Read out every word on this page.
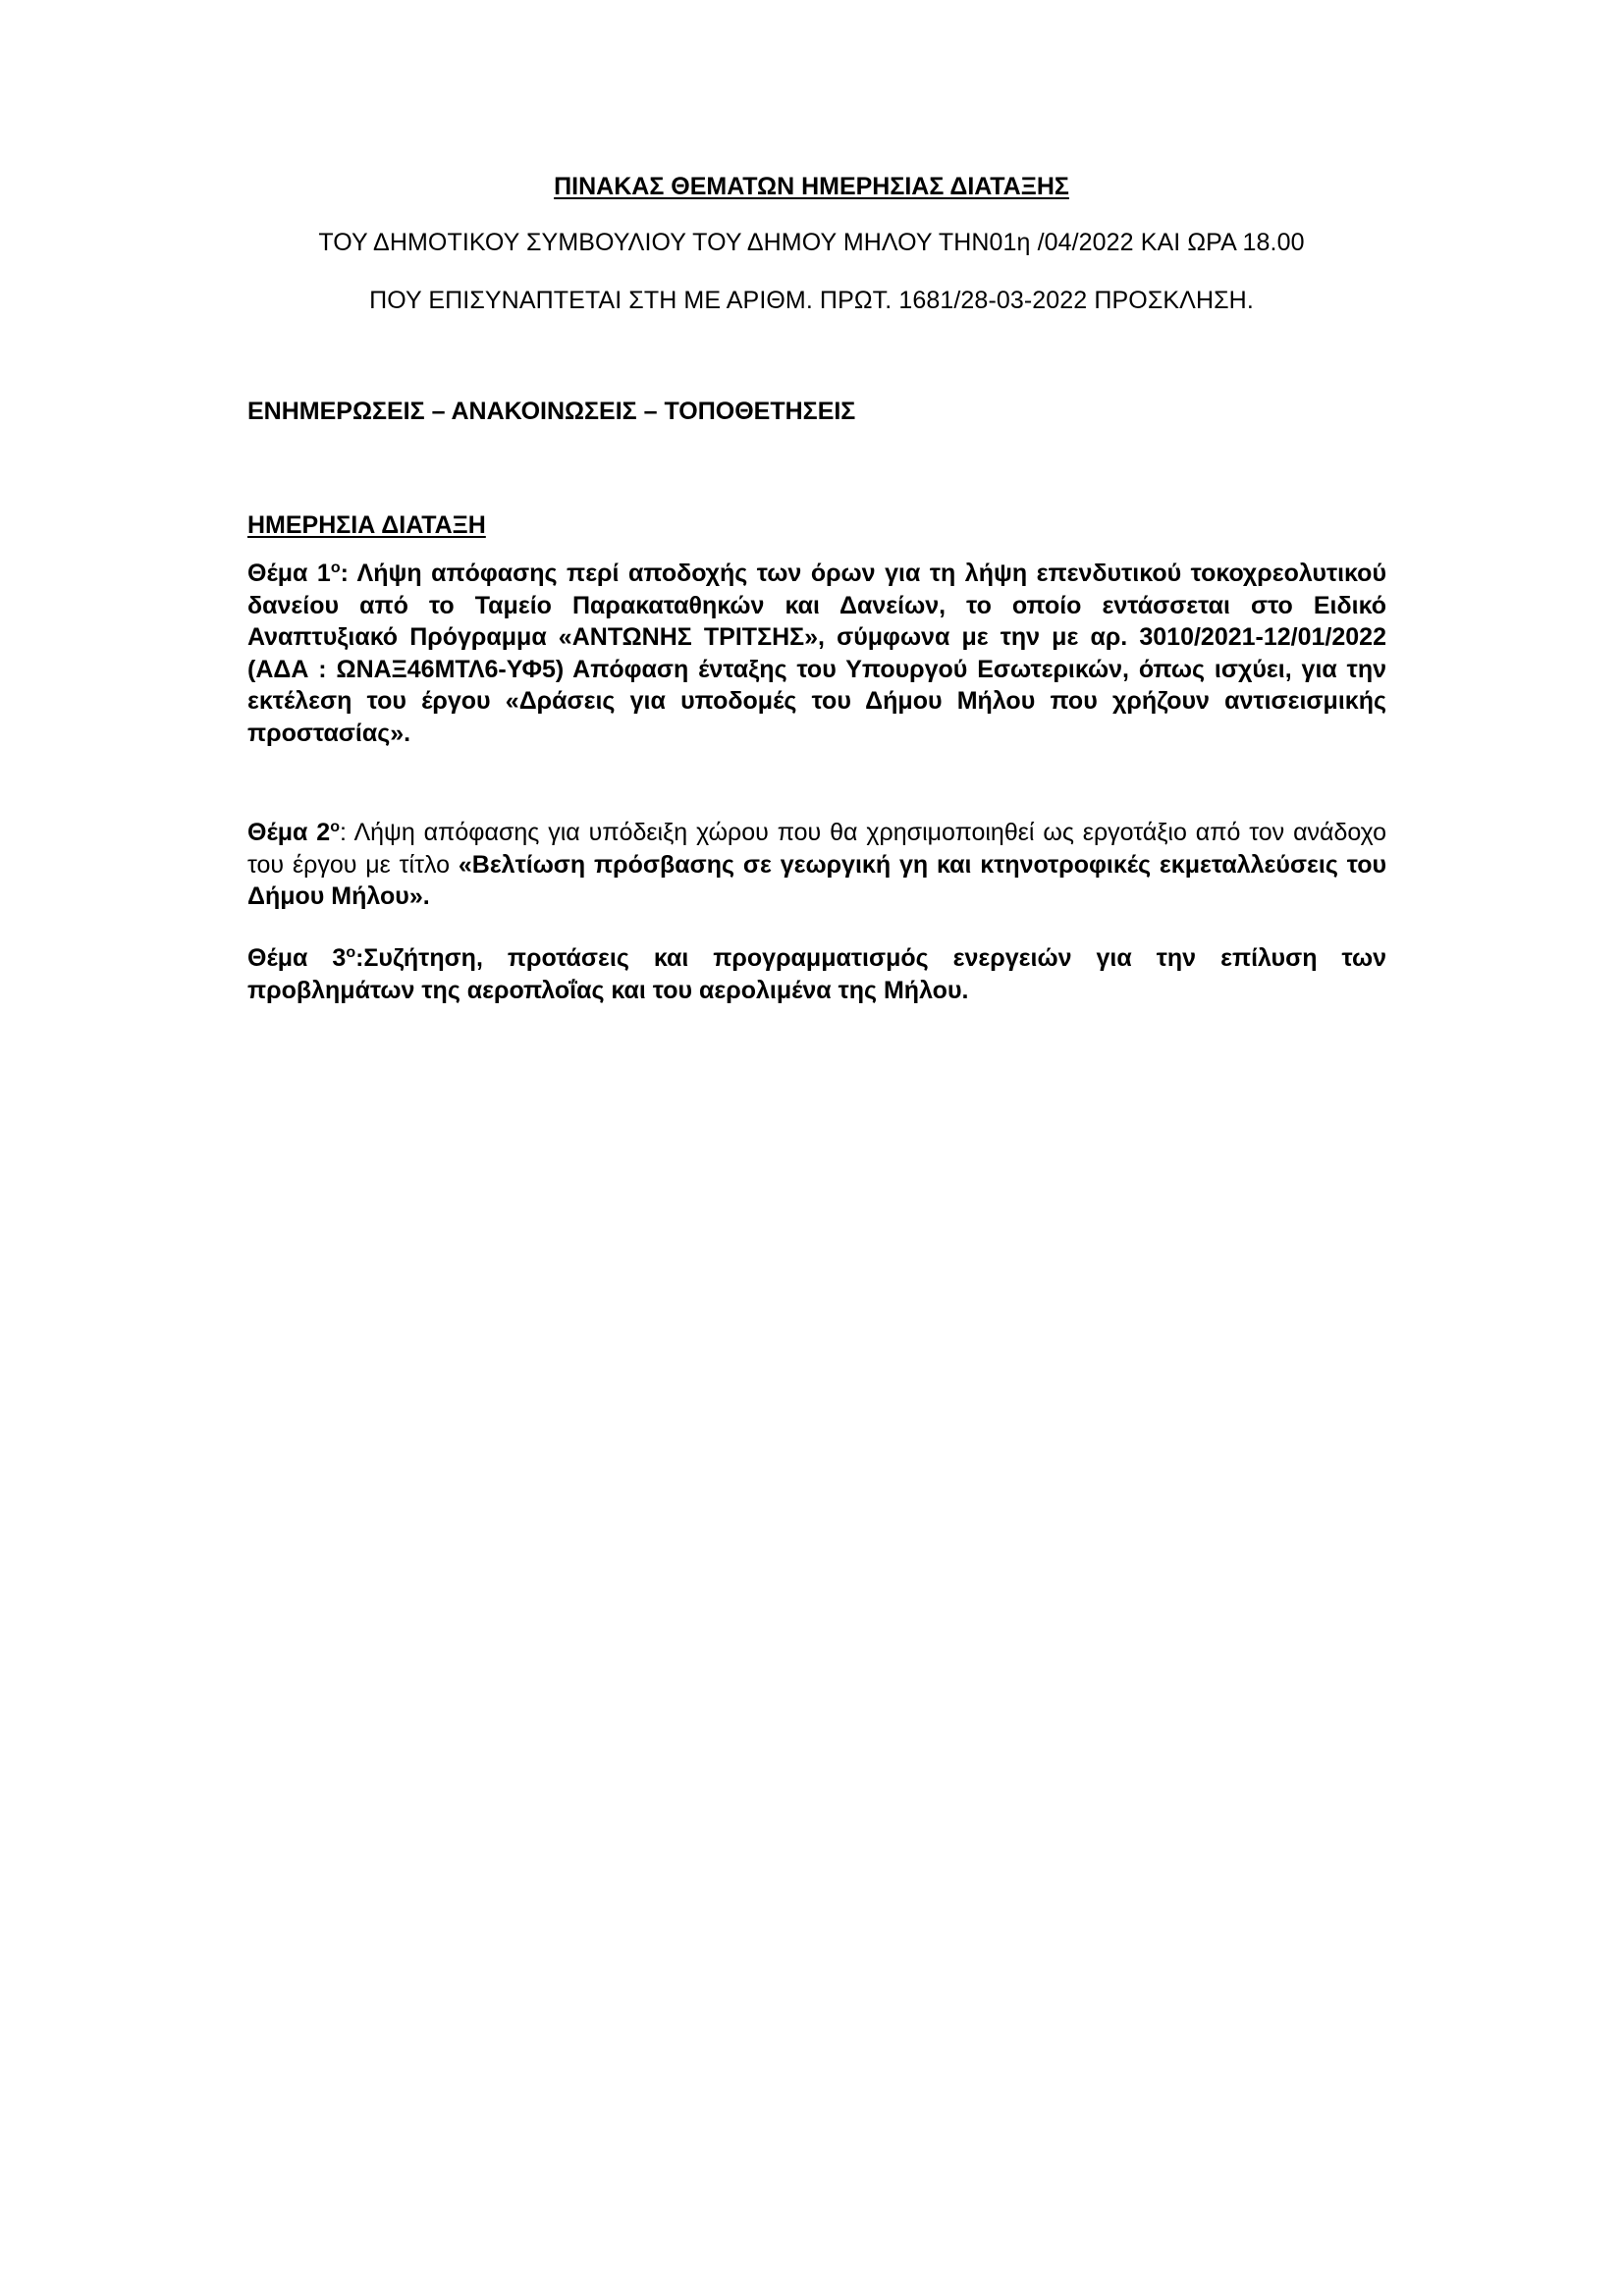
ΠΙΝΑΚΑΣ ΘΕΜΑΤΩΝ ΗΜΕΡΗΣΙΑΣ ΔΙΑΤΑΞΗΣ
ΤΟΥ ΔΗΜΟΤΙΚΟΥ ΣΥΜΒΟΥΛΙΟΥ ΤΟΥ ΔΗΜΟΥ ΜΗΛΟΥ ΤΗΝ01η /04/2022 ΚΑΙ ΩΡΑ 18.00
ΠΟΥ ΕΠΙΣΥΝΑΠΤΕΤΑΙ ΣΤΗ ΜΕ ΑΡΙΘΜ. ΠΡΩΤ. 1681/28-03-2022 ΠΡΟΣΚΛΗΣΗ.
ΕΝΗΜΕΡΩΣΕΙΣ – ΑΝΑΚΟΙΝΩΣΕΙΣ – ΤΟΠΟΘΕΤΗΣΕΙΣ
ΗΜΕΡΗΣΙΑ ΔΙΑΤΑΞΗ
Θέμα $1^o$: Λήψη απόφασης περί αποδοχής των όρων για τη λήψη επενδυτικού τοκοχρεολυτικού δανείου από το Ταμείο Παρακαταθηκών και Δανείων, το οποίο εντάσσεται στο Ειδικό Αναπτυξιακό Πρόγραμμα «ΑΝΤΩΝΗΣ ΤΡΙΤΣΗΣ», σύμφωνα με την με αρ. 3010/2021-12/01/2022 (ΑΔΑ : ΩΝΑΞ46ΜΤΛ6-ΥΦ5) Απόφαση ένταξης του Υπουργού Εσωτερικών, όπως ισχύει, για την εκτέλεση του έργου «Δράσεις για υποδομές του Δήμου Μήλου που χρήζουν αντισεισμικής προστασίας».
Θέμα $2^o$: Λήψη απόφασης για υπόδειξη χώρου που θα χρησιμοποιηθεί ως εργοτάξιο από τον ανάδοχο του έργου με τίτλο «Βελτίωση πρόσβασης σε γεωργική γη και κτηνοτροφικές εκμεταλλεύσεις του Δήμου Μήλου».
Θέμα $3^o:\Sigma\upsilon\zeta ή\tau\eta\sigma\eta$, προτάσεις και προγραμματισμός ενεργειών για την επίλυση των προβλημάτων της αεροπλοΐας και του αερολιμένα της Μήλου.
